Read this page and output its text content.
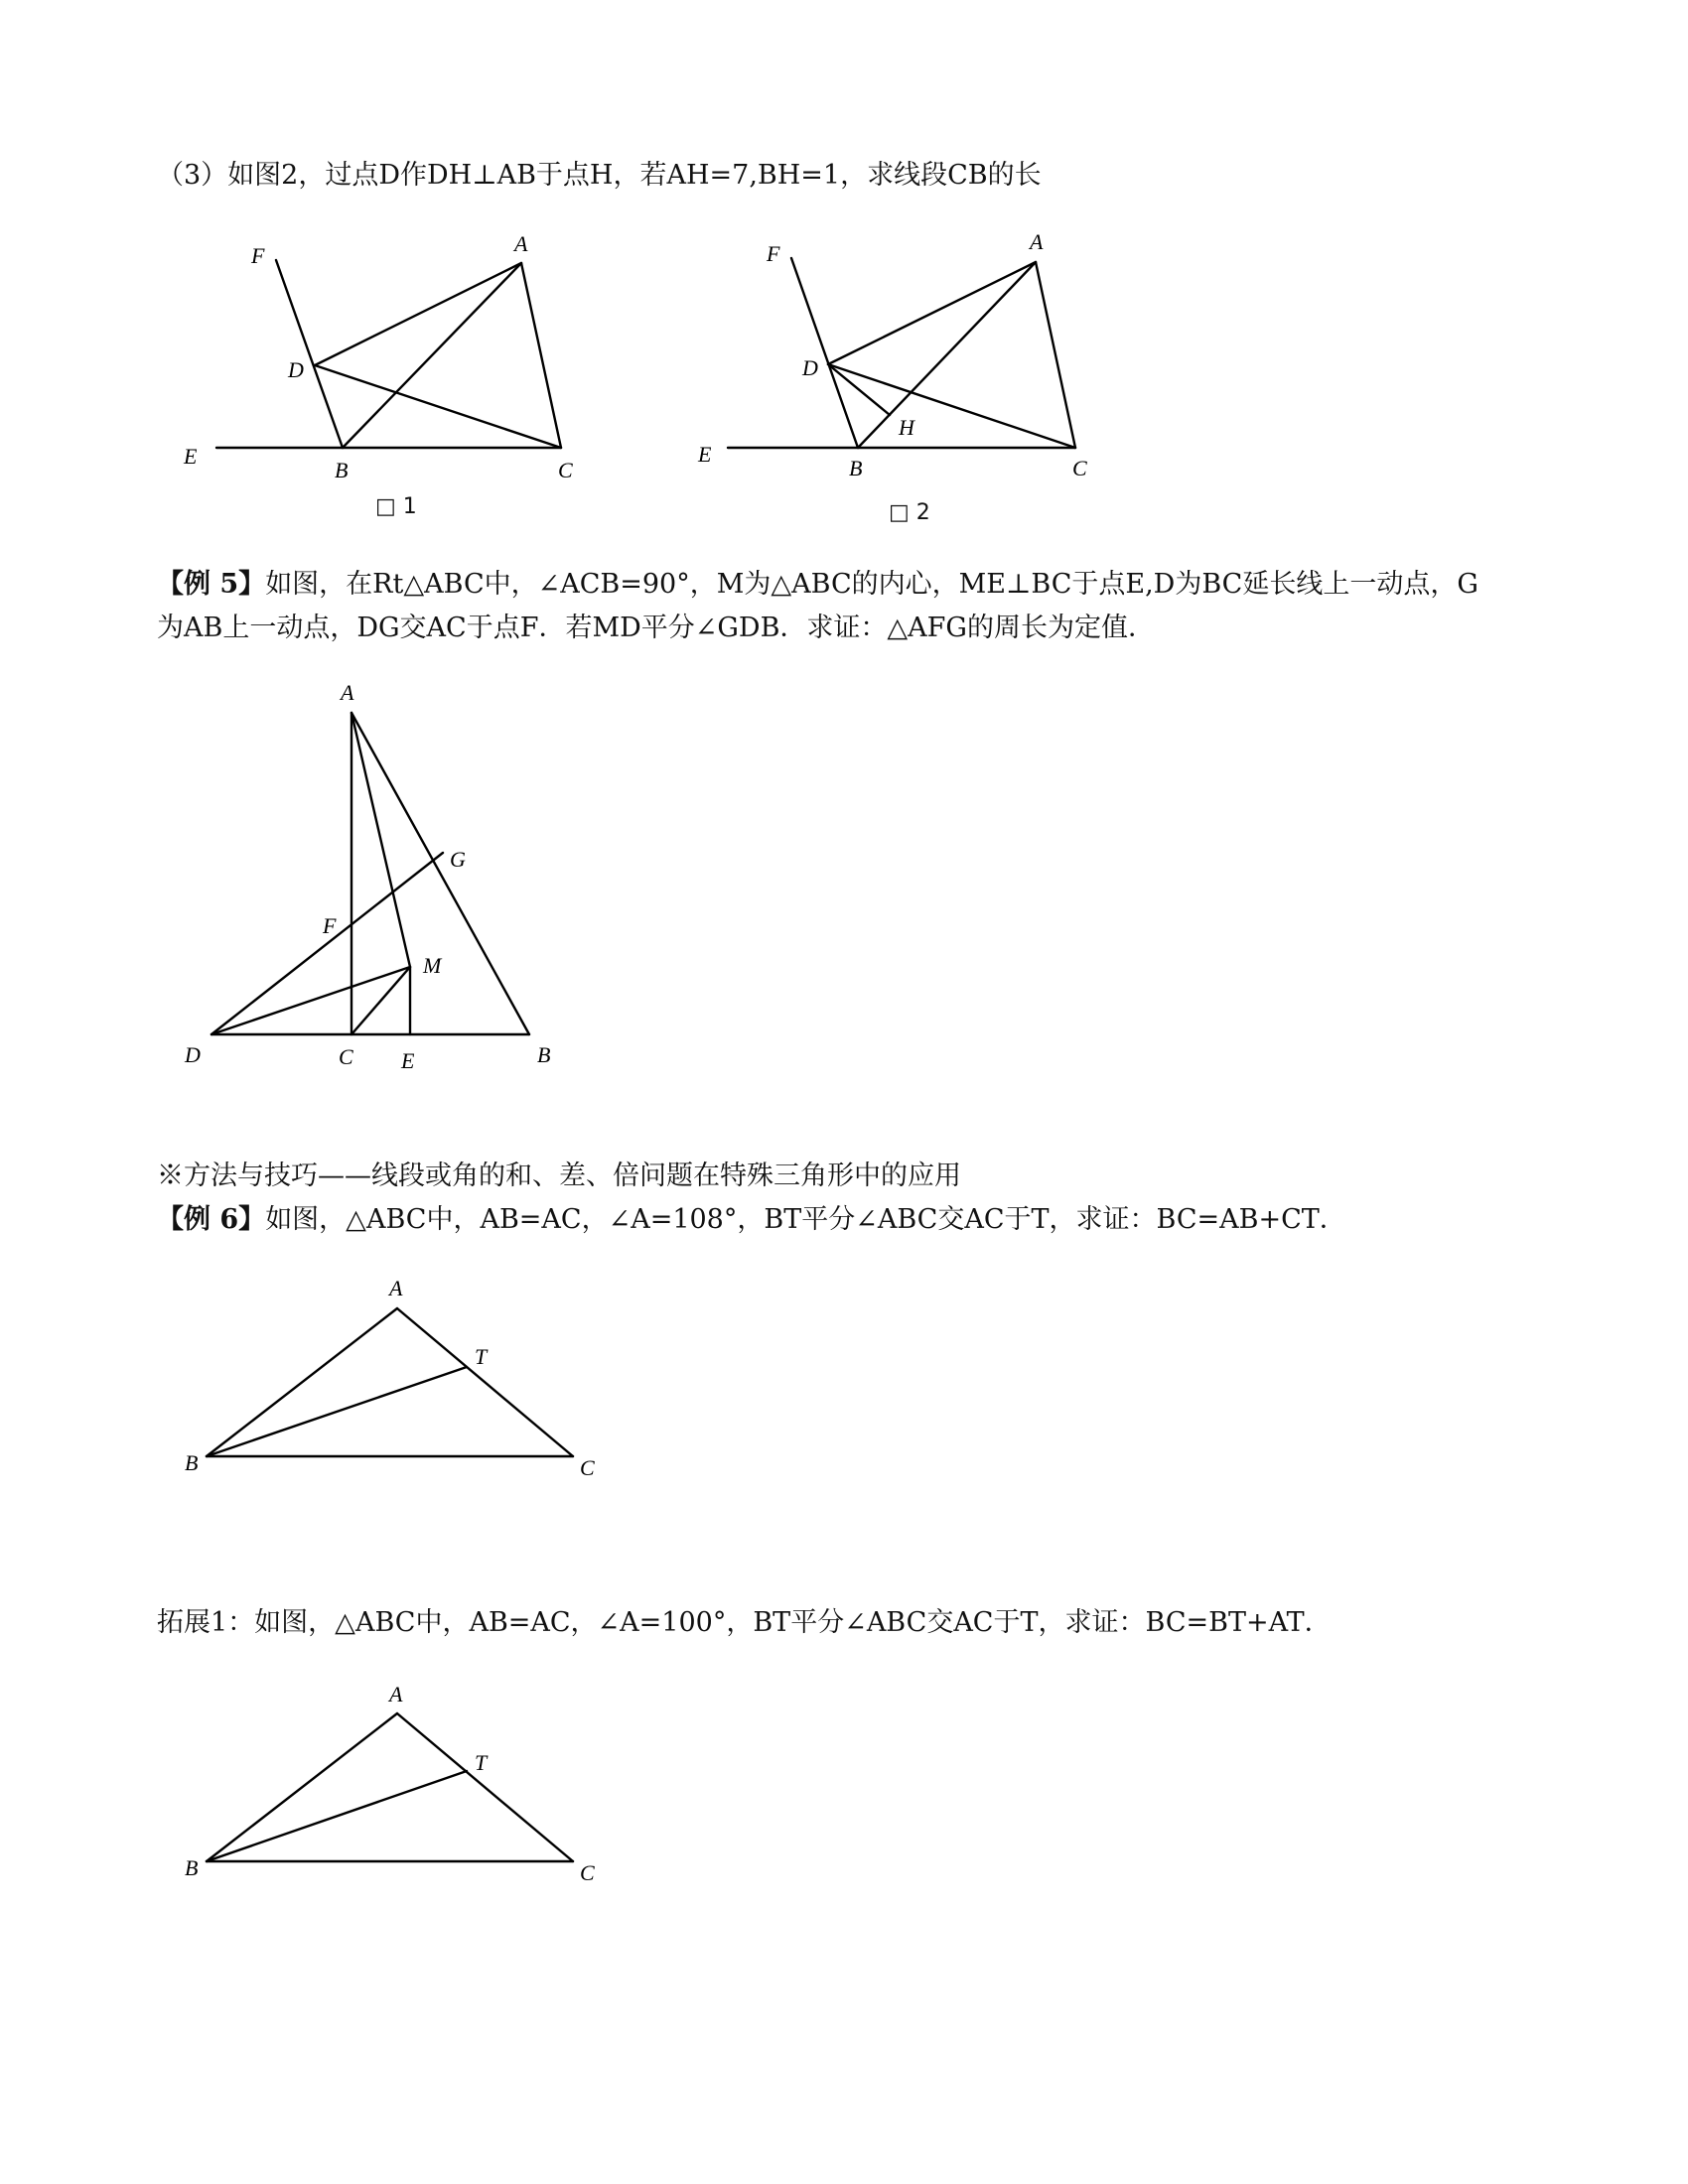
（3）如图2，过点D作DH⊥AB于点H，若AH=7,BH=1，求线段CB的长
F	A
D
E
B	C
□ 1
F	A
D
H
E
B	C
□ 2
【例 5】如图，在Rt△ABC中，∠ACB=90°，M为△ABC的内心，ME⊥BC于点E,D为BC延长线上一动点，G
为AB上一动点，DG交AC于点F．若MD平分∠GDB．求证：△AFG的周长为定值．
A
G
F
M
D	C E	B
※方法与技巧——线段或角的和、差、倍问题在特殊三角形中的应用
【例 6】如图，△ABC中，AB=AC，∠A=108°，BT平分∠ABC交AC于T，求证：BC=AB+CT．
A
T
B	C
拓展1：如图，△ABC中，AB=AC，∠A=100°，BT平分∠ABC交AC于T，求证：BC=BT+AT．
A
T
B	C
